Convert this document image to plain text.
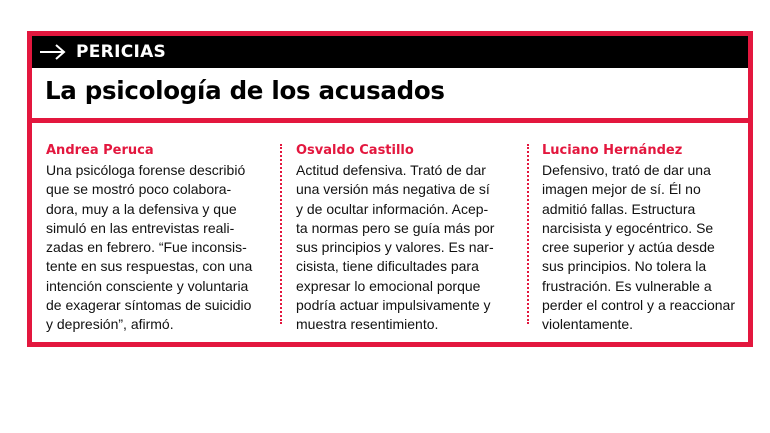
PERICIAS
La psicología de los acusados
Andrea Peruca
Una psicóloga forense describió
que se mostró poco colabora-
dora, muy a la defensiva y que
simuló en las entrevistas reali-
zadas en febrero. “Fue inconsis-
tente en sus respuestas, con una
intención consciente y voluntaria
de exagerar síntomas de suicidio
y depresión”, afirmó.
Osvaldo Castillo
Actitud defensiva. Trató de dar
una versión más negativa de sí
y de ocultar información. Acep-
ta normas pero se guía más por
sus principios y valores. Es nar-
cisista, tiene dificultades para
expresar lo emocional porque
podría actuar impulsivamente y
muestra resentimiento.
Luciano Hernández
Defensivo, trató de dar una
imagen mejor de sí. Él no
admitió fallas. Estructura
narcisista y egocéntrico. Se
cree superior y actúa desde
sus principios. No tolera la
frustración. Es vulnerable a
perder el control y a reaccionar
violentamente.
